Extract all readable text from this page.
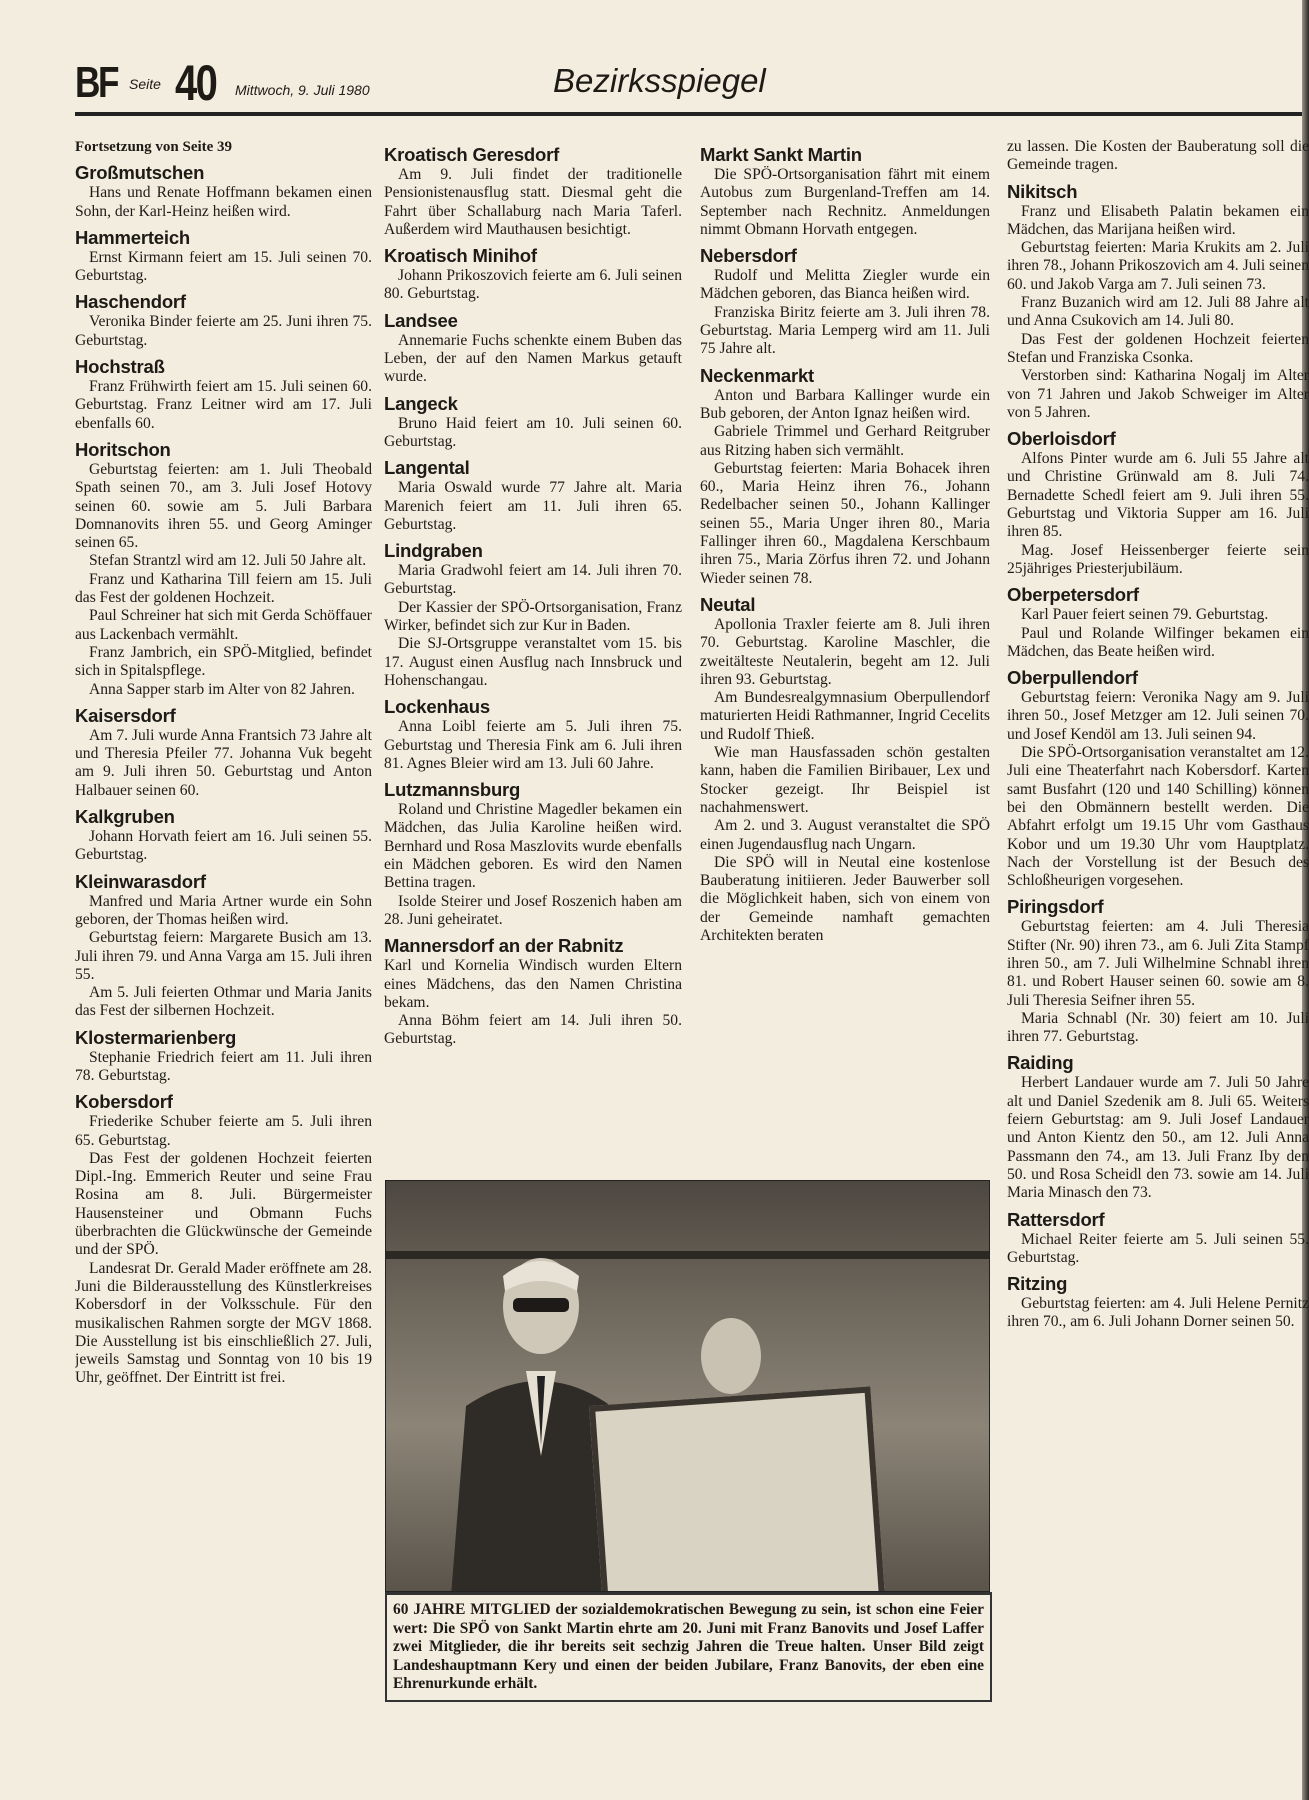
BF Seite 40 Mittwoch, 9. Juli 1980	Bezirksspiegel
Fortsetzung von Seite 39
Großmutschen

Hans und Renate Hoffmann bekamen einen Sohn, der Karl-Heinz heißen wird.

Hammerteich

Ernst Kirmann feiert am 15. Juli seinen 70. Geburtstag.

Haschendorf

Veronika Binder feierte am 25. Juni ihren 75. Geburtstag.

Hochstraß

Franz Frühwirth feiert am 15. Juli seinen 60. Geburtstag. Franz Leitner wird am 17. Juli ebenfalls 60.

Horitschon

Geburtstag feierten: am 1. Juli Theobald Spath seinen 70., am 3. Juli Josef Hotovy seinen 60. sowie am 5. Juli Barbara Domnanovits ihren 55. und Georg Aminger seinen 65.

Stefan Strantzl wird am 12. Juli 50 Jahre alt.

Franz und Katharina Till feiern am 15. Juli das Fest der goldenen Hochzeit.

Paul Schreiner hat sich mit Gerda Schöffauer aus Lackenbach vermählt.

Franz Jambrich, ein SPÖ-Mitglied, befindet sich in Spitalspflege.

Anna Sapper starb im Alter von 82 Jahren.

Kaisersdorf

Am 7. Juli wurde Anna Frantsich 73 Jahre alt und Theresia Pfeiler 77. Johanna Vuk begeht am 9. Juli ihren 50. Geburtstag und Anton Halbauer seinen 60.

Kalkgruben

Johann Horvath feiert am 16. Juli seinen 55. Geburtstag.

Kleinwarasdorf

Manfred und Maria Artner wurde ein Sohn geboren, der Thomas heißen wird.

Geburtstag feiern: Margarete Busich am 13. Juli ihren 79. und Anna Varga am 15. Juli ihren 55.

Am 5. Juli feierten Othmar und Maria Janits das Fest der silbernen Hochzeit.

Klostermarienberg

Stephanie Friedrich feiert am 11. Juli ihren 78. Geburtstag.

Kobersdorf

Friederike Schuber feierte am 5. Juli ihren 65. Geburtstag.

Das Fest der goldenen Hochzeit feierten Dipl.-Ing. Emmerich Reuter und seine Frau Rosina am 8. Juli. Bürgermeister Hausensteiner und Obmann Fuchs überbrachten die Glückwünsche der Gemeinde und der SPÖ.

Landesrat Dr. Gerald Mader eröffnete am 28. Juni die Bilderausstellung des Künstlerkreises Kobersdorf in der Volksschule. Für den musikalischen Rahmen sorgte der MGV 1868. Die Ausstellung ist bis einschließlich 27. Juli, jeweils Samstag und Sonntag von 10 bis 19 Uhr, geöffnet. Der Eintritt ist frei.

Kroatisch Geresdorf

Am 9. Juli findet der traditionelle Pensionistenausflug statt. Diesmal geht die Fahrt über Schallaburg nach Maria Taferl. Außerdem wird Mauthausen besichtigt.

Kroatisch Minihof

Johann Prikoszovich feierte am 6. Juli seinen 80. Geburtstag.

Landsee

Annemarie Fuchs schenkte einem Buben das Leben, der auf den Namen Markus getauft wurde.

Langeck

Bruno Haid feiert am 10. Juli seinen 60. Geburtstag.

Langental

Maria Oswald wurde 77 Jahre alt. Maria Marenich feiert am 11. Juli ihren 65. Geburtstag.

Lindgraben

Maria Gradwohl feiert am 14. Juli ihren 70. Geburtstag.

Der Kassier der SPÖ-Ortsorganisation, Franz Wirker, befindet sich zur Kur in Baden.

Die SJ-Ortsgruppe veranstaltet vom 15. bis 17. August einen Ausflug nach Innsbruck und Hohenschangau.

Lockenhaus

Anna Loibl feierte am 5. Juli ihren 75. Geburtstag und Theresia Fink am 6. Juli ihren 81. Agnes Bleier wird am 13. Juli 60 Jahre.

Lutzmannsburg

Roland und Christine Magedler bekamen ein Mädchen, das Julia Karoline heißen wird. Bernhard und Rosa Maszlovits wurde ebenfalls ein Mädchen geboren. Es wird den Namen Bettina tragen.

Isolde Steirer und Josef Roszenich haben am 28. Juni geheiratet.

Mannersdorf an der Rabnitz

Karl und Kornelia Windisch wurden Eltern eines Mädchens, das den Namen Christina bekam.

Anna Böhm feiert am 14. Juli ihren 50. Geburtstag.

Markt Sankt Martin

Die SPÖ-Ortsorganisation fährt mit einem Autobus zum Burgenland-Treffen am 14. September nach Rechnitz. Anmeldungen nimmt Obmann Horvath entgegen.

Nebersdorf

Rudolf und Melitta Ziegler wurde ein Mädchen geboren, das Bianca heißen wird.

Franziska Biritz feierte am 3. Juli ihren 78. Geburtstag. Maria Lemperg wird am 11. Juli 75 Jahre alt.

Neckenmarkt

Anton und Barbara Kallinger wurde ein Bub geboren, der Anton Ignaz heißen wird.

Gabriele Trimmel und Gerhard Reitgruber aus Ritzing haben sich vermählt.

Geburtstag feierten: Maria Bohacek ihren 60., Maria Heinz ihren 76., Johann Redelbacher seinen 50., Johann Kallinger seinen 55., Maria Unger ihren 80., Maria Fallinger ihren 60., Magdalena Kerschbaum ihren 75., Maria Zörfus ihren 72. und Johann Wieder seinen 78.

Neutal

Apollonia Traxler feierte am 8. Juli ihren 70. Geburtstag. Karoline Maschler, die zweitälteste Neutalerin, begeht am 12. Juli ihren 93. Geburtstag.

Am Bundesrealgymnasium Oberpullendorf maturierten Heidi Rathmanner, Ingrid Cecelits und Rudolf Thieß.

Wie man Hausfassaden schön gestalten kann, haben die Familien Biribauer, Lex und Stocker gezeigt. Ihr Beispiel ist nachahmenswert.

Am 2. und 3. August veranstaltet die SPÖ einen Jugendausflug nach Ungarn.

Die SPÖ will in Neutal eine kostenlose Bauberatung initiieren. Jeder Bauwerber soll die Möglichkeit haben, sich von einem von der Gemeinde namhaft gemachten Architekten beraten

zu lassen. Die Kosten der Bauberatung soll die Gemeinde tragen.

Nikitsch

Franz und Elisabeth Palatin bekamen ein Mädchen, das Marijana heißen wird.

Geburtstag feierten: Maria Krukits am 2. Juli ihren 78., Johann Prikoszovich am 4. Juli seinen 60. und Jakob Varga am 7. Juli seinen 73.

Franz Buzanich wird am 12. Juli 88 Jahre alt und Anna Csukovich am 14. Juli 80.

Das Fest der goldenen Hochzeit feierten Stefan und Franziska Csonka.

Verstorben sind: Katharina Nogalj im Alter von 71 Jahren und Jakob Schweiger im Alter von 5 Jahren.

Oberloisdorf

Alfons Pinter wurde am 6. Juli 55 Jahre alt und Christine Grünwald am 8. Juli 74. Bernadette Schedl feiert am 9. Juli ihren 55. Geburtstag und Viktoria Supper am 16. Juli ihren 85.

Mag. Josef Heissenberger feierte sein 25jähriges Priesterjubiläum.

Oberpetersdorf

Karl Pauer feiert seinen 79. Geburtstag.

Paul und Rolande Wilfinger bekamen ein Mädchen, das Beate heißen wird.

Oberpullendorf

Geburtstag feiern: Veronika Nagy am 9. Juli ihren 50., Josef Metzger am 12. Juli seinen 70. und Josef Kendöl am 13. Juli seinen 94.

Die SPÖ-Ortsorganisation veranstaltet am 12. Juli eine Theaterfahrt nach Kobersdorf. Karten samt Busfahrt (120 und 140 Schilling) können bei den Obmännern bestellt werden. Die Abfahrt erfolgt um 19.15 Uhr vom Gasthaus Kobor und um 19.30 Uhr vom Hauptplatz. Nach der Vorstellung ist der Besuch des Schloßheurigen vorgesehen.

Piringsdorf

Geburtstag feierten: am 4. Juli Theresia Stifter (Nr. 90) ihren 73., am 6. Juli Zita Stampf ihren 50., am 7. Juli Wilhelmine Schnabl ihren 81. und Robert Hauser seinen 60. sowie am 8. Juli Theresia Seifner ihren 55.

Maria Schnabl (Nr. 30) feiert am 10. Juli ihren 77. Geburtstag.

Raiding

Herbert Landauer wurde am 7. Juli 50 Jahre alt und Daniel Szedenik am 8. Juli 65. Weiters feiern Geburtstag: am 9. Juli Josef Landauer und Anton Kientz den 50., am 12. Juli Anna Passmann den 74., am 13. Juli Franz Iby den 50. und Rosa Scheidl den 73. sowie am 14. Juli Maria Minasch den 73.

Rattersdorf

Michael Reiter feierte am 5. Juli seinen 55. Geburtstag.

Ritzing

Geburtstag feierten: am 4. Juli Helene Pernitz ihren 70., am 6. Juli Johann Dorner seinen 50.

60 JAHRE MITGLIED der sozialdemokratischen Bewegung zu sein, ist schon eine Feier wert: Die SPÖ von Sankt Martin ehrte am 20. Juni mit Franz Banovits und Josef Laffer zwei Mitglieder, die ihr bereits seit sechzig Jahren die Treue halten. Unser Bild zeigt Landeshauptmann Kery und einen der beiden Jubilare, Franz Banovits, der eben eine Ehrenurkunde erhält.
